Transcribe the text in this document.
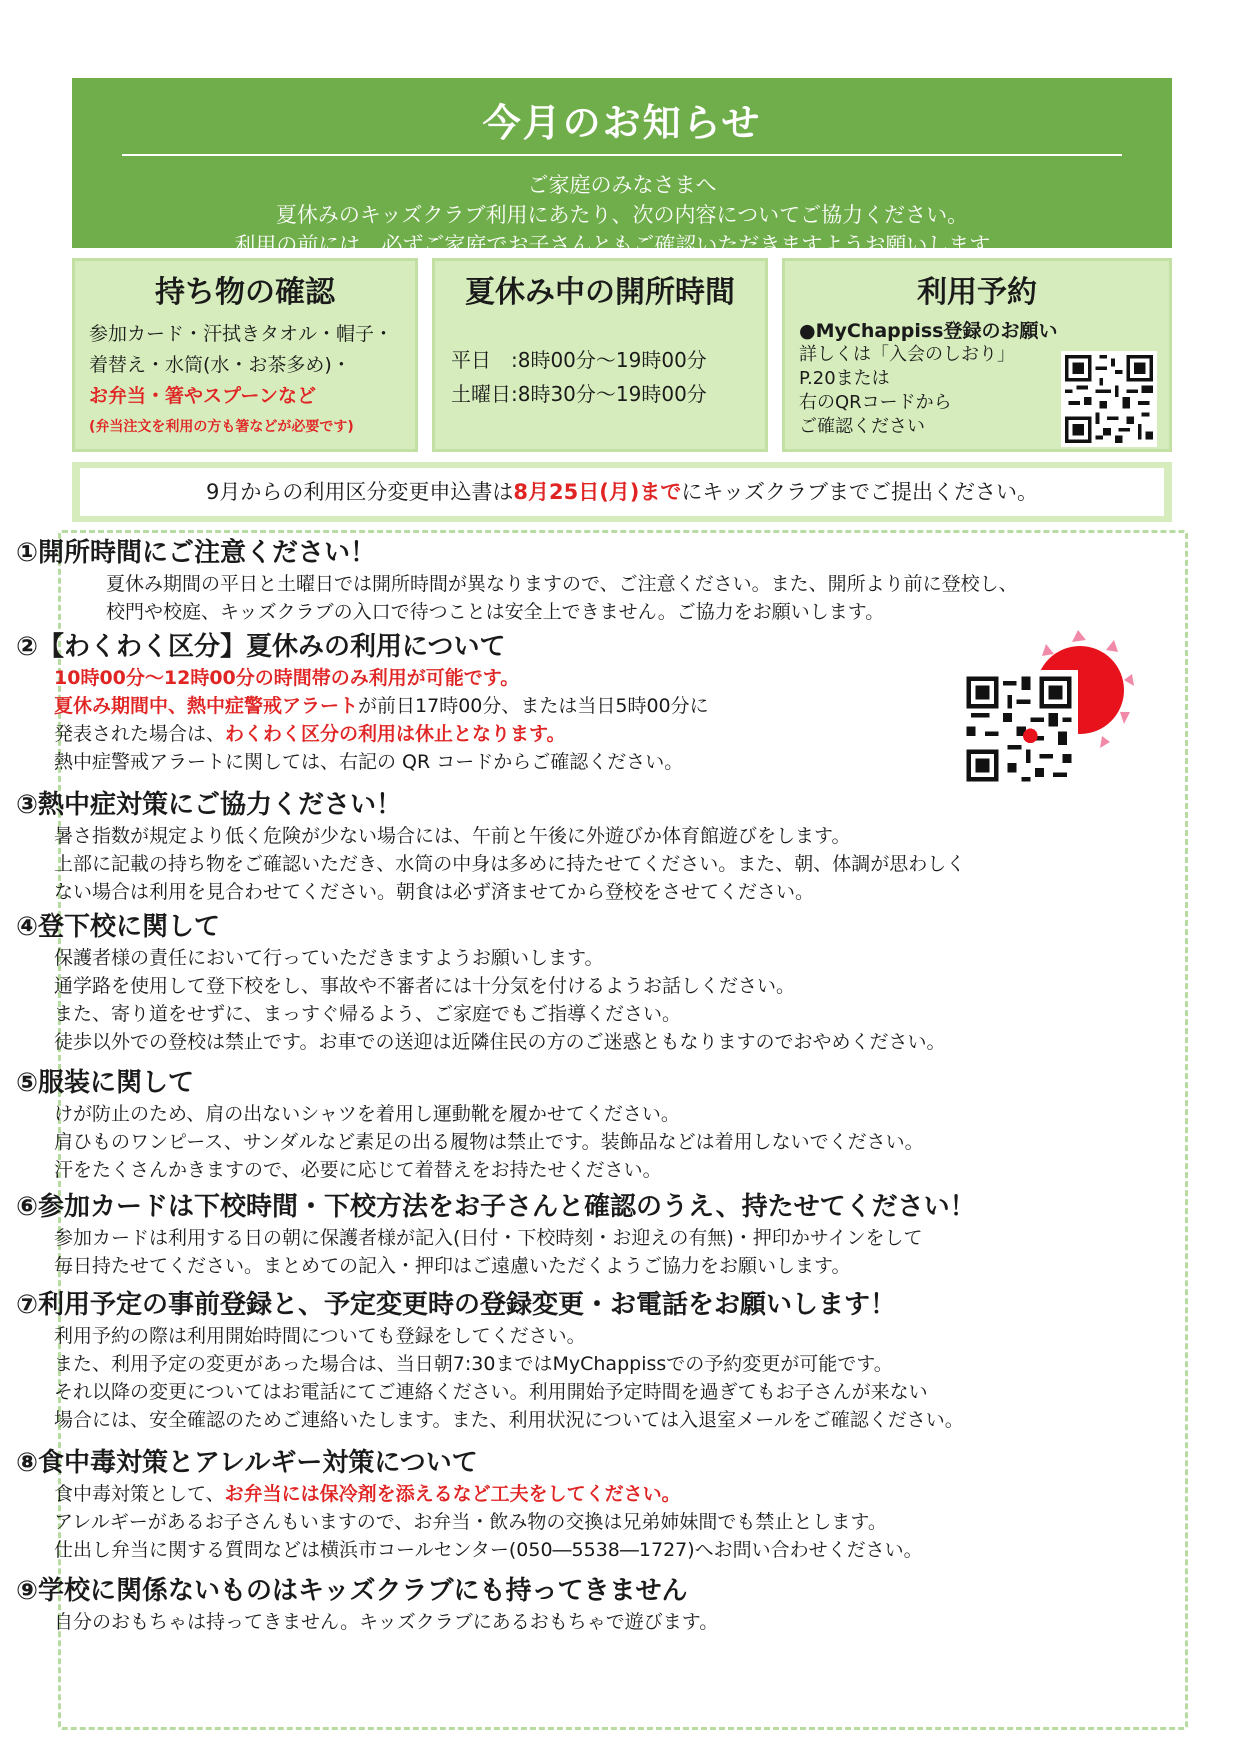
今月のお知らせ
ご家庭のみなさまへ
夏休みのキッズクラブ利用にあたり、次の内容についてご協力ください。
利用の前には、必ずご家庭でお子さんともご確認いただきますようお願いします。
持ち物の確認
参加カード・汗拭きタオル・帽子・
着替え・水筒(水・お茶多め)・
お弁当・箸やスプーンなど
(弁当注文を利用の方も箸などが必要です)
夏休み中の開所時間
平日　:8時00分〜19時00分
土曜日:8時30分〜19時00分
利用予約
●MyChappiss登録のお願い
詳しくは「入会のしおり」
P.20または
右のQRコードから
ご確認ください
9月からの利用区分変更申込書は8月25日(月)までにキッズクラブまでご提出ください。
①開所時間にご注意ください！

夏休み期間の平日と土曜日では開所時間が異なりますので、ご注意ください。また、開所より前に登校し、

校門や校庭、キッズクラブの入口で待つことは安全上できません。ご協力をお願いします。

②【わくわく区分】夏休みの利用について

10時00分〜12時00分の時間帯のみ利用が可能です。

夏休み期間中、熱中症警戒アラートが前日17時00分、または当日5時00分に

発表された場合は、わくわく区分の利用は休止となります。

熱中症警戒アラートに関しては、右記の QR コードからご確認ください。

③熱中症対策にご協力ください！

暑さ指数が規定より低く危険が少ない場合には、午前と午後に外遊びか体育館遊びをします。

上部に記載の持ち物をご確認いただき、水筒の中身は多めに持たせてください。また、朝、体調が思わしく

ない場合は利用を見合わせてください。朝食は必ず済ませてから登校をさせてください。

④登下校に関して

保護者様の責任において行っていただきますようお願いします。

通学路を使用して登下校をし、事故や不審者には十分気を付けるようお話しください。

また、寄り道をせずに、まっすぐ帰るよう、ご家庭でもご指導ください。

徒歩以外での登校は禁止です。お車での送迎は近隣住民の方のご迷惑ともなりますのでおやめください。

⑤服装に関して

けが防止のため、肩の出ないシャツを着用し運動靴を履かせてください。

肩ひものワンピース、サンダルなど素足の出る履物は禁止です。装飾品などは着用しないでください。

汗をたくさんかきますので、必要に応じて着替えをお持たせください。

⑥参加カードは下校時間・下校方法をお子さんと確認のうえ、持たせてください！

参加カードは利用する日の朝に保護者様が記入(日付・下校時刻・お迎えの有無)・押印かサインをして

毎日持たせてください。まとめての記入・押印はご遠慮いただくようご協力をお願いします。

⑦利用予定の事前登録と、予定変更時の登録変更・お電話をお願いします！

利用予約の際は利用開始時間についても登録をしてください。

また、利用予定の変更があった場合は、当日朝7:30まではMyChappissでの予約変更が可能です。

それ以降の変更についてはお電話にてご連絡ください。利用開始予定時間を過ぎてもお子さんが来ない

場合には、安全確認のためご連絡いたします。また、利用状況については入退室メールをご確認ください。

⑧食中毒対策とアレルギー対策について

食中毒対策として、お弁当には保冷剤を添えるなど工夫をしてください。

アレルギーがあるお子さんもいますので、お弁当・飲み物の交換は兄弟姉妹間でも禁止とします。

仕出し弁当に関する質問などは横浜市コールセンター(050―5538―1727)へお問い合わせください。

⑨学校に関係ないものはキッズクラブにも持ってきません

自分のおもちゃは持ってきません。キッズクラブにあるおもちゃで遊びます。
